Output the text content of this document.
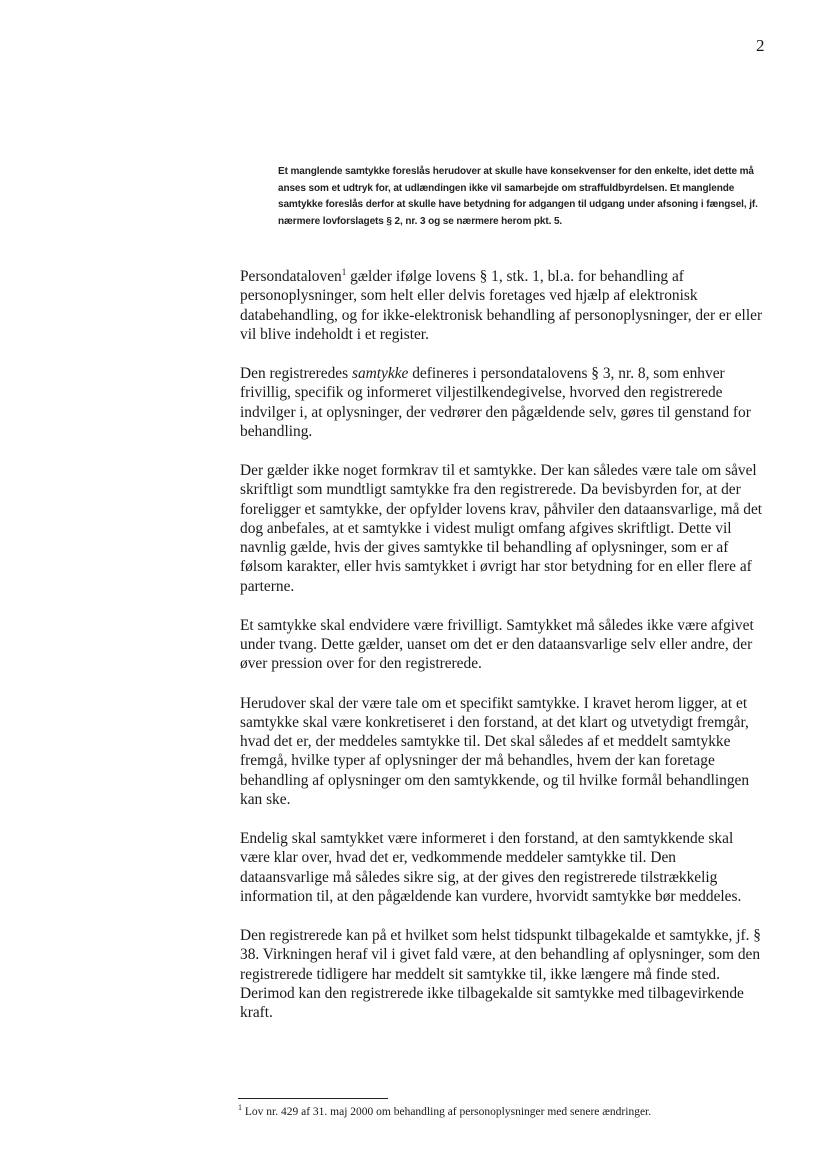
2

Et manglende samtykke foreslås herudover at skulle have konsekvenser for den enkelte, idet dette må anses som et udtryk for, at udlændingen ikke vil samarbejde om straffuldbyrdelsen. Et manglende samtykke foreslås derfor at skulle have betydning for adgangen til udgang under afsoning i fængsel, jf. nærmere lovforslagets § 2, nr. 3 og se nærmere herom pkt. 5.

Persondataloven$^1$ gælder ifølge lovens § 1, stk. 1, bl.a. for behandling af personoplysninger, som helt eller delvis foretages ved hjælp af elektronisk databehandling, og for ikke-elektronisk behandling af personoplysninger, der er eller vil blive indeholdt i et register.

Den registreredes samtykke defineres i persondatalovens § 3, nr. 8, som enhver frivillig, specifik og informeret viljestilkendegivelse, hvorved den registrerede indvilger i, at oplysninger, der vedrører den pågældende selv, gøres til genstand for behandling.

Der gælder ikke noget formkrav til et samtykke. Der kan således være tale om såvel skriftligt som mundtligt samtykke fra den registrerede. Da bevisbyrden for, at der foreligger et samtykke, der opfylder lovens krav, påhviler den dataansvarlige, må det dog anbefales, at et samtykke i videst muligt omfang afgives skriftligt. Dette vil navnlig gælde, hvis der gives samtykke til behandling af oplysninger, som er af følsom karakter, eller hvis samtykket i øvrigt har stor betydning for en eller flere af parterne.

Et samtykke skal endvidere være frivilligt. Samtykket må således ikke være afgivet under tvang. Dette gælder, uanset om det er den dataansvarlige selv eller andre, der øver pression over for den registrerede.

Herudover skal der være tale om et specifikt samtykke. I kravet herom ligger, at et samtykke skal være konkretiseret i den forstand, at det klart og utvetydigt fremgår, hvad det er, der meddeles samtykke til. Det skal således af et meddelt samtykke fremgå, hvilke typer af oplysninger der må behandles, hvem der kan foretage behandling af oplysninger om den samtykkende, og til hvilke formål behandlingen kan ske.

Endelig skal samtykket være informeret i den forstand, at den samtykkende skal være klar over, hvad det er, vedkommende meddeler samtykke til. Den dataansvarlige må således sikre sig, at der gives den registrerede tilstrækkelig information til, at den pågældende kan vurdere, hvorvidt samtykke bør meddeles.

Den registrerede kan på et hvilket som helst tidspunkt tilbagekalde et samtykke, jf. § 38. Virkningen heraf vil i givet fald være, at den behandling af oplysninger, som den registrerede tidligere har meddelt sit samtykke til, ikke længere må finde sted. Derimod kan den registrerede ikke tilbagekalde sit samtykke med tilbagevirkende kraft.

$^1$ Lov nr. 429 af 31. maj 2000 om behandling af personoplysninger med senere ændringer.
